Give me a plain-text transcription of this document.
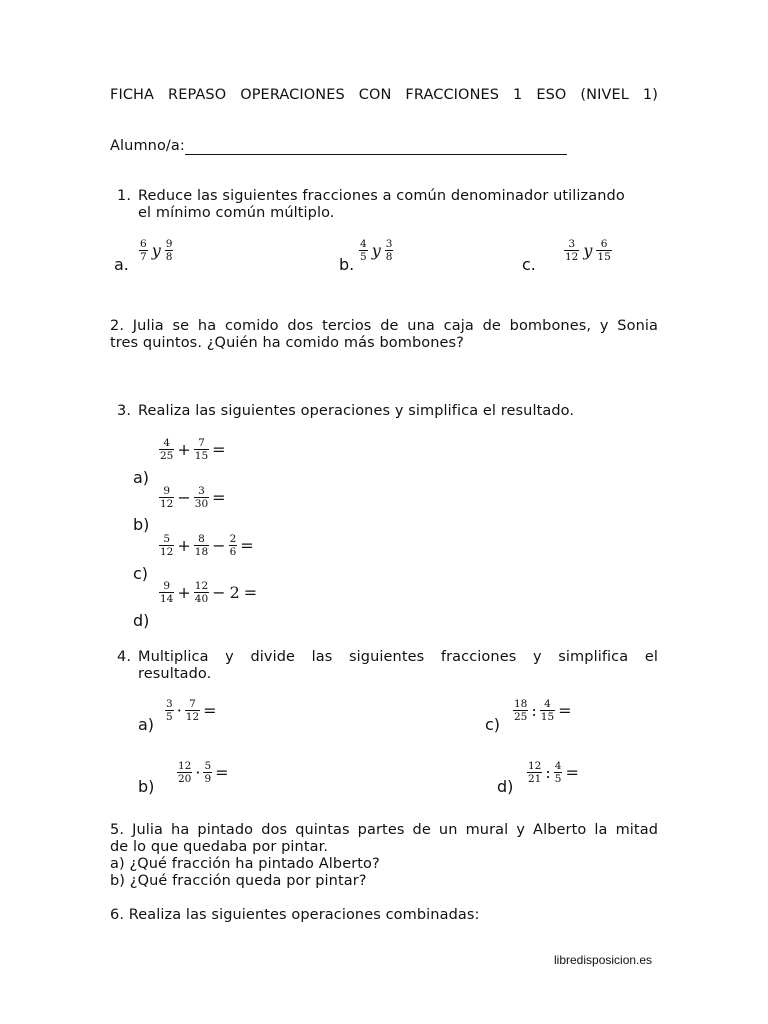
FICHA REPASO OPERACIONES CON FRACCIONES 1 ESO (NIVEL 1)
Alumno/a:
1. Reduce las siguientes fracciones a común denominador utilizando
el mínimo común múltiplo.
a.
$\frac{6}{7}$ y $\frac{9}{8}$
b.
$\frac{4}{5}$ y $\frac{3}{8}$
c.
$\frac{3}{12}$ y $\frac{6}{15}$
2. Julia se ha comido dos tercios de una caja de bombones, y Sonia
tres quintos. ¿Quién ha comido más bombones?
3. Realiza las siguientes operaciones y simplifica el resultado.
$\frac{4}{25} + \frac{7}{15}$ =
a)
$\frac{9}{12} - \frac{3}{30}$ =
b)
$\frac{5}{12} + \frac{8}{18} - \frac{2}{6}$ =
c)
$\frac{9}{14} + \frac{12}{40} - 2$ =
d)
4. Multiplica y divide las siguientes fracciones y simplifica el
resultado.
a)
$\frac{3}{5} \cdot \frac{7}{12}$ =
c)
$\frac{18}{25}$ : $\frac{4}{15}$ =
b)
$\frac{12}{20} \cdot \frac{5}{9}$ =
d)
$\frac{12}{21}$ : $\frac{4}{5}$ =
5. Julia ha pintado dos quintas partes de un mural y Alberto la mitad
de lo que quedaba por pintar.
a) ¿Qué fracción ha pintado Alberto?
b) ¿Qué fracción queda por pintar?
6. Realiza las siguientes operaciones combinadas:
libredisposicion.es
